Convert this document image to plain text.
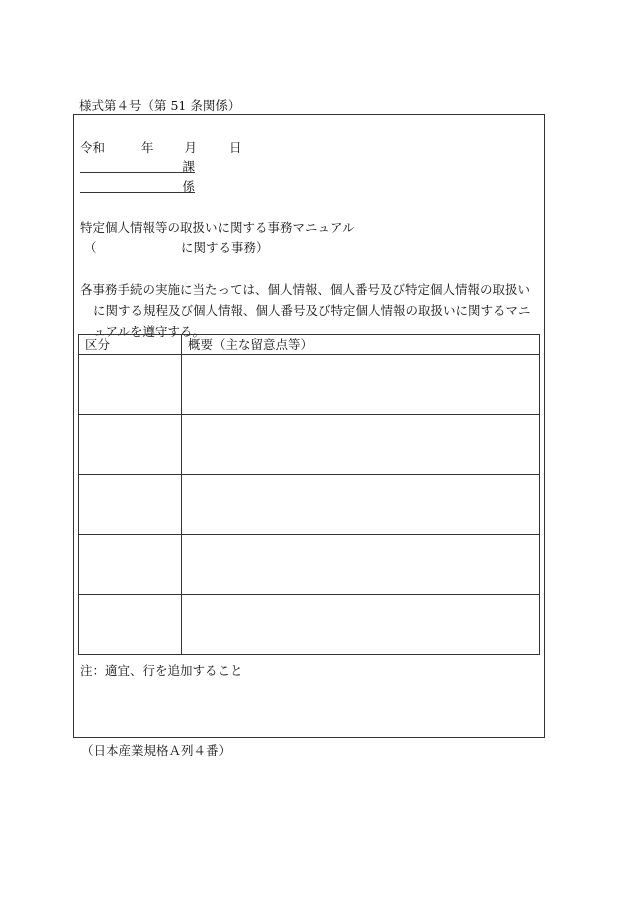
様式第４号（第 51 条関係）
令和	年 月	日
課
係
特定個人情報等の取扱いに関する事務マニュアル
（	に関する事務）
各事務手続の実施に当たっては、個人情報、個人番号及び特定個人情報の取扱い
に関する規程及び個人情報、個人番号及び特定個人情報の取扱いに関するマニ
ュアルを遵守する。
区分	概要（主な留意点等）

注：適宜、行を追加すること
（日本産業規格Ａ列４番）
